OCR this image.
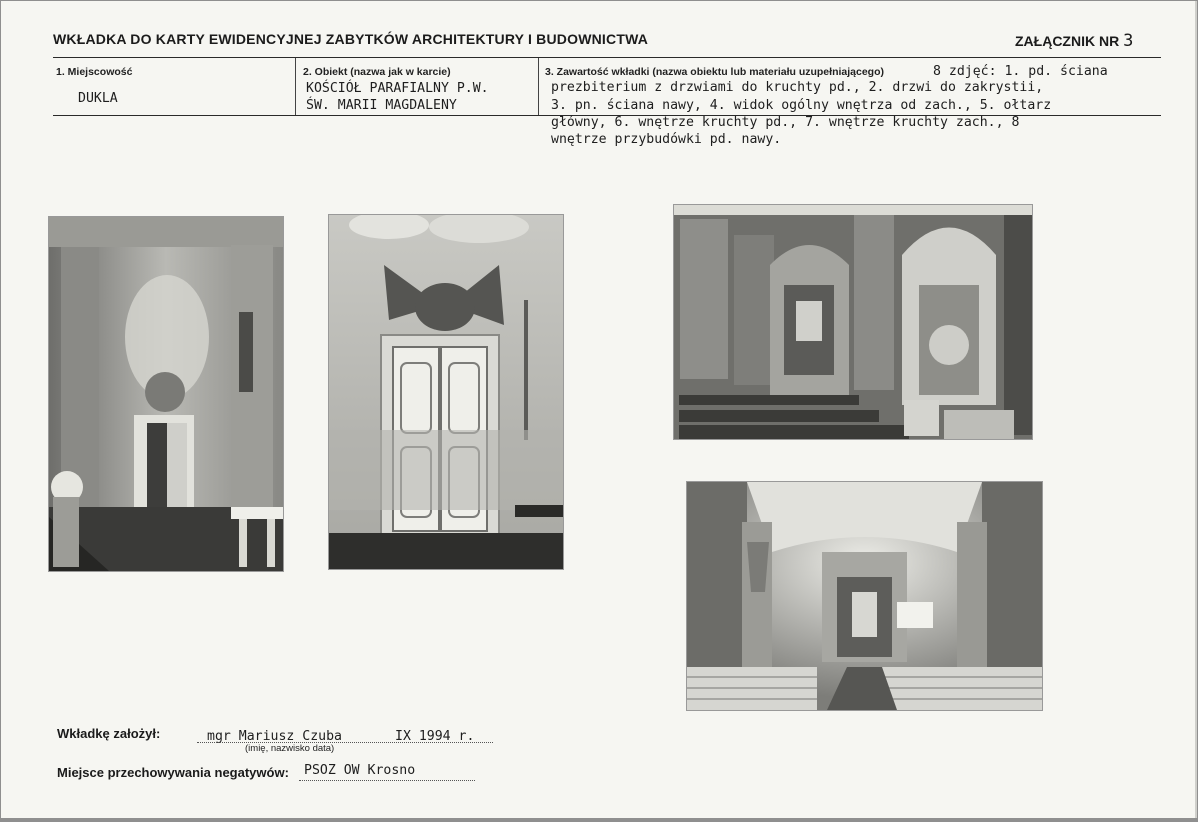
WKŁADKA DO KARTY EWIDENCYJNEJ ZABYTKÓW ARCHITEKTURY I BUDOWNICTWA	ZAŁĄCZNIK NR 3
1. Miejscowość
DUKLA
2. Obiekt (nazwa jak w karcie)
KOŚCIÓŁ PARAFIALNY P.W.
ŚW. MARII MAGDALENY
3. Zawartość wkładki (nazwa obiektu lub materiału uzupełniającego)	8 zdjęć: 1. pd. ściana
prezbiterium z drzwiami do kruchty pd., 2. drzwi do zakrystii,
3. pn. ściana nawy, 4. widok ogólny wnętrza od zach., 5. ołtarz
główny, 6. wnętrze kruchty pd., 7. wnętrze kruchty zach., 8
wnętrze przybudówki pd. nawy.
Wkładkę założył:	mgr Mariusz Czuba	IX 1994 r.
(imię, nazwisko data)
Miejsce przechowywania negatywów: PSOZ OW Krosno
